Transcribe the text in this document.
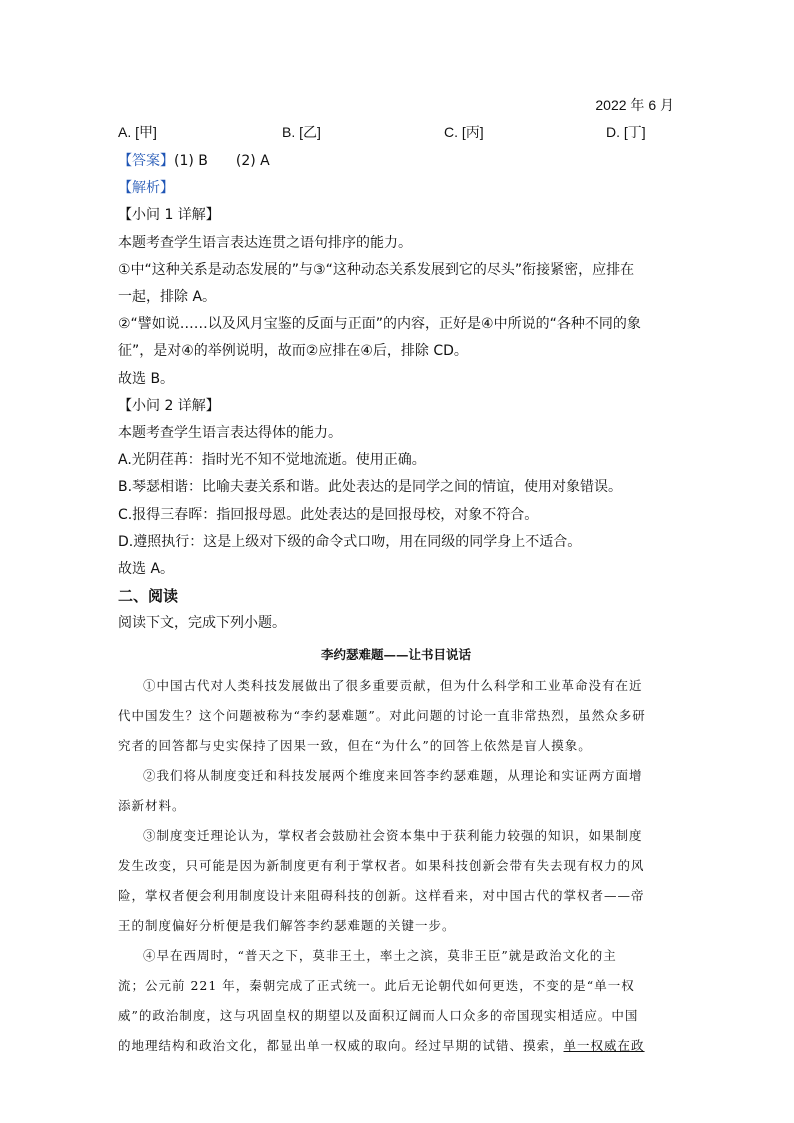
2022 年 6 月
A. [甲]	B. [乙]	C. [丙]	D. [丁]
【答案】(1) B　　(2) A
【解析】
【小问 1 详解】
本题考查学生语言表达连贯之语句排序的能力。
①中“这种关系是动态发展的”与③“这种动态关系发展到它的尽头”衔接紧密，应排在
一起，排除 A。
②“譬如说……以及风月宝鉴的反面与正面”的内容，正好是④中所说的“各种不同的象
征”，是对④的举例说明，故而②应排在④后，排除 CD。
故选 B。
【小问 2 详解】
本题考查学生语言表达得体的能力。
A.光阴荏苒：指时光不知不觉地流逝。使用正确。
B.琴瑟相谐：比喻夫妻关系和谐。此处表达的是同学之间的情谊，使用对象错误。
C.报得三春晖：指回报母恩。此处表达的是回报母校，对象不符合。
D.遵照执行：这是上级对下级的命令式口吻，用在同级的同学身上不适合。
故选 A。
二、阅读
阅读下文，完成下列小题。
李约瑟难题——让书目说话
①中国古代对人类科技发展做出了很多重要贡献，但为什么科学和工业革命没有在近
代中国发生？这个问题被称为“李约瑟难题”。对此问题的讨论一直非常热烈，虽然众多研
究者的回答都与史实保持了因果一致，但在“为什么”的回答上依然是盲人摸象。
②我们将从制度变迁和科技发展两个维度来回答李约瑟难题，从理论和实证两方面增
添新材料。
③制度变迁理论认为，掌权者会鼓励社会资本集中于获利能力较强的知识，如果制度
发生改变，只可能是因为新制度更有利于掌权者。如果科技创新会带有失去现有权力的风
险，掌权者便会利用制度设计来阻碍科技的创新。这样看来，对中国古代的掌权者——帝
王的制度偏好分析便是我们解答李约瑟难题的关键一步。
④早在西周时，“普天之下，莫非王土，率土之滨，莫非王臣”就是政治文化的主
流；公元前 221 年，秦朝完成了正式统一。此后无论朝代如何更迭，不变的是“单一权
威”的政治制度，这与巩固皇权的期望以及面积辽阔而人口众多的帝国现实相适应。中国
的地理结构和政治文化，都显出单一权威的取向。经过早期的试错、摸索，单一权威在政
